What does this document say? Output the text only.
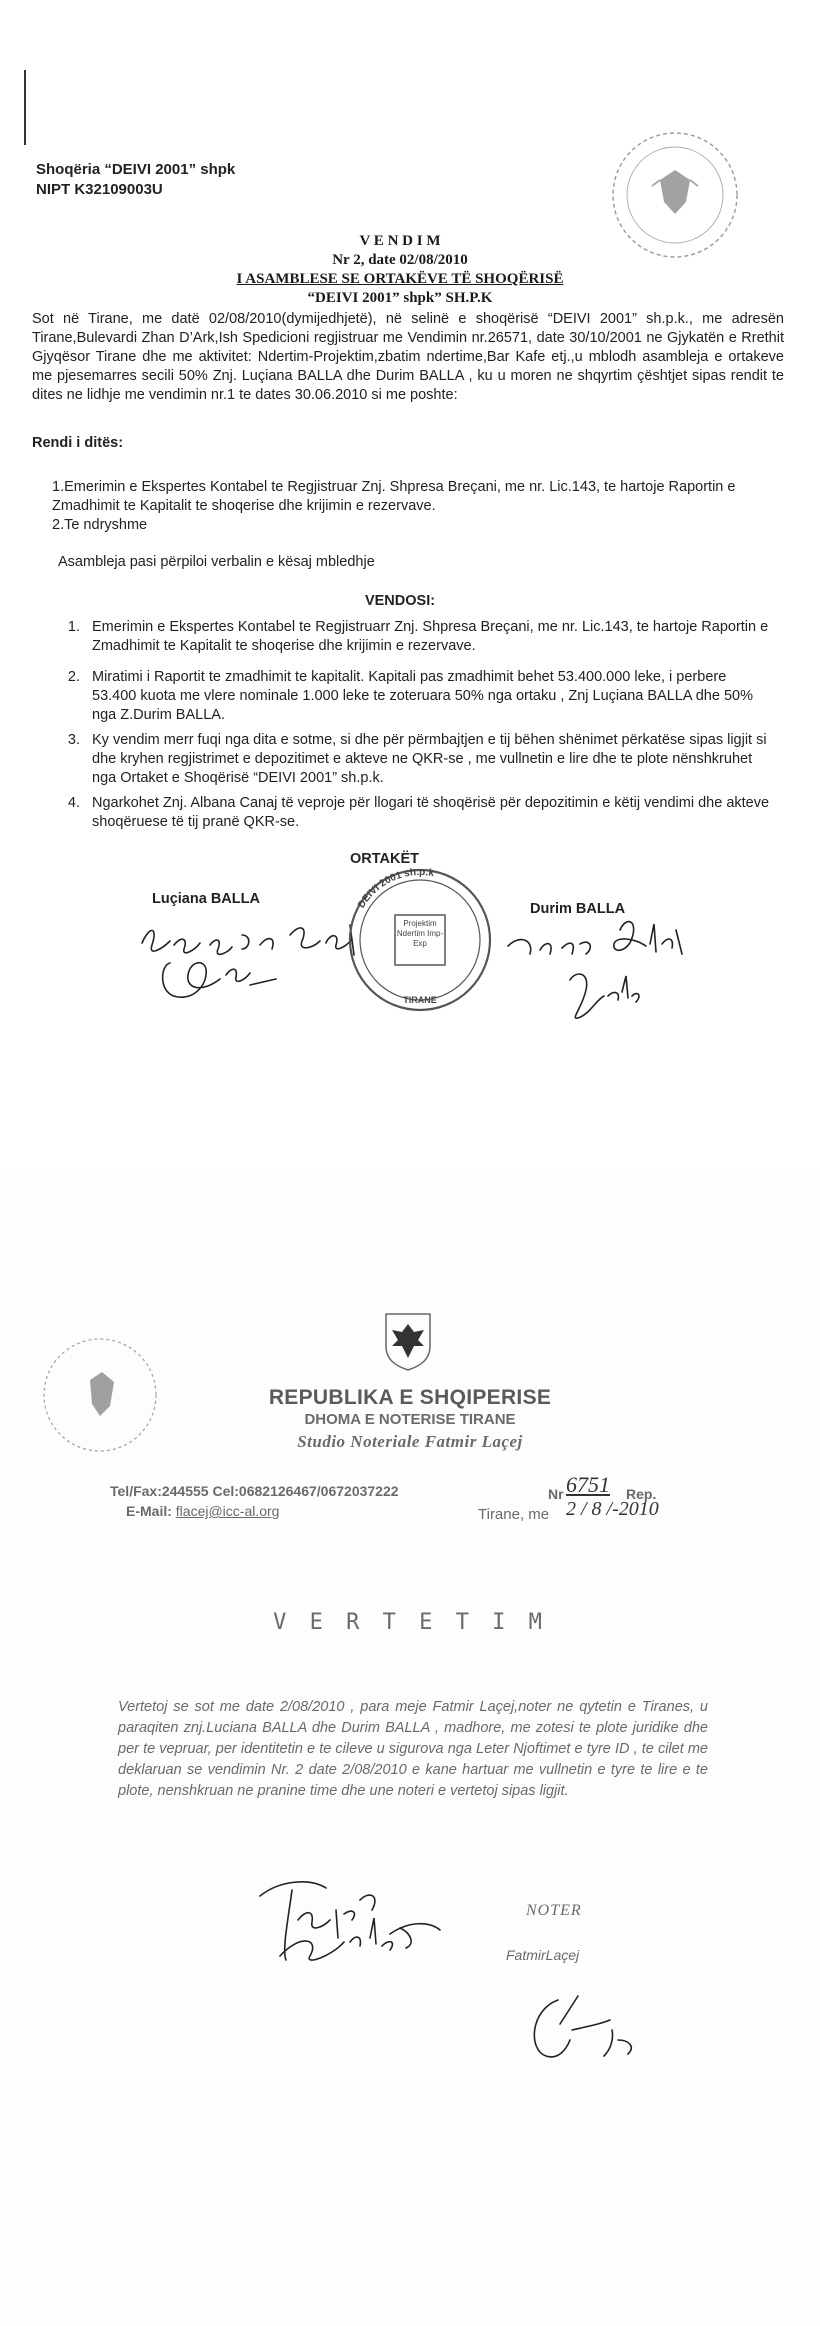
Shoqëria “DEIVI 2001” shpk
NIPT K32109003U
V E N D I M
Nr 2, date 02/08/2010
I ASAMBLESE SE ORTAKËVE TË SHOQËRISË
“DEIVI 2001” shpk” SH.P.K
Sot në Tirane, me datë 02/08/2010(dymijedhjetë), në selinë e shoqërisë “DEIVI 2001” sh.p.k., me adresën Tirane,Bulevardi Zhan D’Ark,Ish Spedicioni regjistruar me Vendimin nr.26571, date 30/10/2001 ne Gjykatën e Rrethit Gjyqësor Tirane dhe me aktivitet: Ndertim-Projektim,zbatim ndertime,Bar Kafe etj.,u mblodh asambleja e ortakeve me pjesemarres secili 50% Znj. Luçiana BALLA dhe Durim BALLA , ku u moren ne shqyrtim çështjet sipas rendit te dites ne lidhje me vendimin nr.1 te dates 30.06.2010 si me poshte:
Rendi i ditës:
1.Emerimin e Ekspertes Kontabel te Regjistruar Znj. Shpresa Breçani, me nr. Lic.143, te hartoje Raportin e Zmadhimit te Kapitalit te shoqerise dhe krijimin e rezervave.
2.Te ndryshme
Asambleja pasi përpiloi verbalin e kësaj mbledhje
VENDOSI:
1. Emerimin e Ekspertes Kontabel te Regjistruarr Znj. Shpresa Breçani, me nr. Lic.143, te hartoje Raportin e Zmadhimit te Kapitalit te shoqerise dhe krijimin e rezervave.
2. Miratimi i Raportit te zmadhimit te kapitalit. Kapitali pas zmadhimit behet 53.400.000 leke, i perbere 53.400 kuota me vlere nominale 1.000 leke te zoteruara 50% nga ortaku , Znj Luçiana BALLA dhe 50% nga Z.Durim BALLA.
3. Ky vendim merr fuqi nga dita e sotme, si dhe për përmbajtjen e tij bëhen shënimet përkatëse sipas ligjit si dhe kryhen regjistrimet e depozitimet e akteve ne QKR-se , me vullnetin e lire dhe te plote nënshkruhet nga Ortaket e Shoqërisë “DEIVI 2001” sh.p.k.
4. Ngarkohet Znj. Albana Canaj të veproje për llogari të shoqërisë për depozitimin e këtij vendimi dhe akteve shoqëruese të tij pranë QKR-se.
ORTAKËT
Luçiana BALLA
Durim BALLA
DEIVI 2001 sh.p.k
TIRANE
Projektim Ndertim Imp-Exp
REPUBLIKA E SHQIPERISE
DHOMA E NOTERISE TIRANE
Studio Noteriale Fatmir Laçej
Tel/Fax:244555 Cel:0682126467/0672037222
E-Mail: flacej@icc-al.org
Nr 6751 Rep.
Tirane, me 2 / 8 /-2010
V E R T E T I M
Vertetoj se sot me date 2/08/2010 , para meje Fatmir Laçej,noter ne qytetin e Tiranes, u paraqiten znj.Luciana BALLA dhe Durim BALLA , madhore, me zotesi te plote juridike dhe per te vepruar, per identitetin e te cileve u sigurova nga Leter Njoftimet e tyre ID , te cilet me deklaruan se vendimin Nr. 2 date 2/08/2010 e kane hartuar me vullnetin e tyre te lire e te plote, nenshkruan ne pranine time dhe une noteri e vertetoj sipas ligjit.
NOTER
FatmirLaçej
